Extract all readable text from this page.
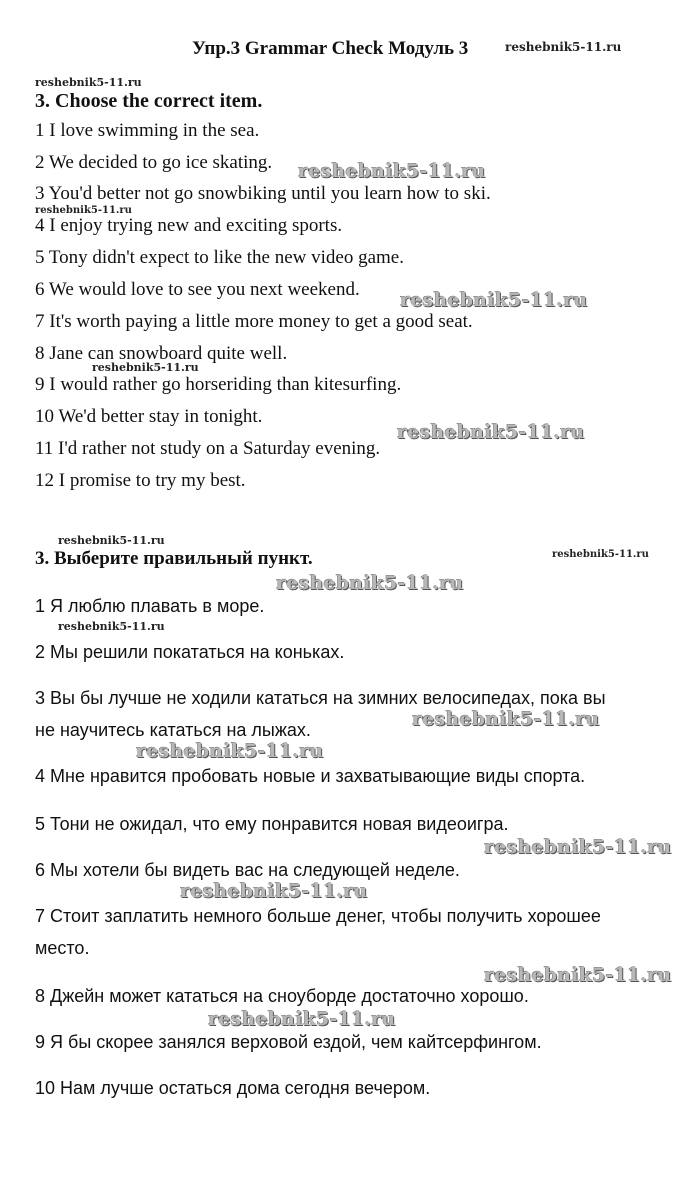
Упр.3 Grammar Check Модуль 3	reshebnik5-11.ru
reshebnik5-11.ru
3. Choose the correct item.
1 I love swimming in the sea.
2 We decided to go ice skating. reshebnik5-11.ru
3 You'd better not go snowbiking until you learn how to ski.
reshebnik5-11.ru
4 I enjoy trying new and exciting sports.
5 Tony didn't expect to like the new video game.
6 We would love to see you next weekend. reshebnik5-11.ru
7 It's worth paying a little more money to get a good seat.
8 Jane can snowboard quite well.
reshebnik5-11.ru
9 I would rather go horseriding than kitesurfing.
10 We'd better stay in tonight.
reshebnik5-11.ru
11 I'd rather not study on a Saturday evening.
12 I promise to try my best.
reshebnik5-11.ru
3. Выберите правильный пункт.	reshebnik5-11.ru
reshebnik5-11.ru
1 Я люблю плавать в море.
reshebnik5-11.ru
2 Мы решили покататься на коньках.
3 Вы бы лучше не ходили кататься на зимних велосипедах, пока вы
не научитесь кататься на лыжах.	reshebnik5-11.ru
reshebnik5-11.ru
4 Мне нравится пробовать новые и захватывающие виды спорта.
5 Тони не ожидал, что ему понравится новая видеоигра.
reshebnik5-11.ru
6 Мы хотели бы видеть вас на следующей неделе.
reshebnik5-11.ru
7 Стоит заплатить немного больше денег, чтобы получить хорошее
место.
reshebnik5-11.ru
8 Джейн может кататься на сноуборде достаточно хорошо.
reshebnik5-11.ru
9 Я бы скорее занялся верховой ездой, чем кайтсерфингом.
10 Нам лучше остаться дома сегодня вечером.
